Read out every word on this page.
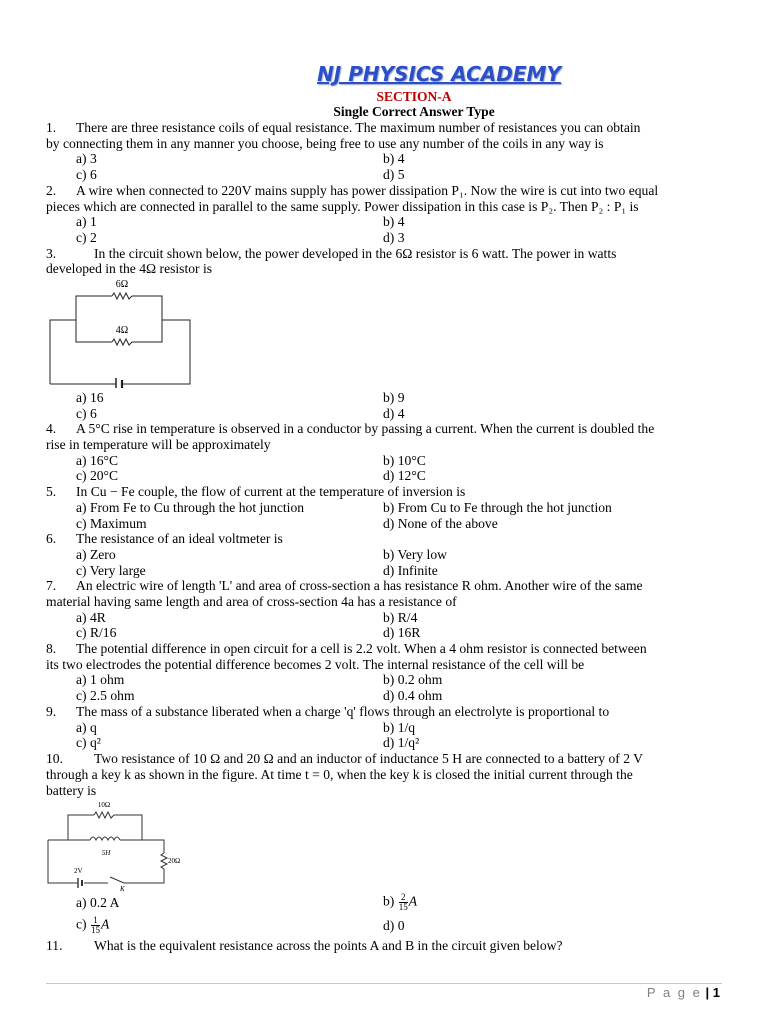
NJ PHYSICS ACADEMY
SECTION-A
Single Correct Answer Type
1. There are three resistance coils of equal resistance. The maximum number of resistances you can obtain
by connecting them in any manner you choose, being free to use any number of the coils in any way is
a) 3	b) 4
c) 6	d) 5
2. A wire when connected to 220V mains supply has power dissipation P₁. Now the wire is cut into two equal
pieces which are connected in parallel to the same supply. Power dissipation in this case is P₂. Then P₂ : P₁ is
a) 1	b) 4
c) 2	d) 3
3.	In the circuit shown below, the power developed in the 6Ω resistor is 6 watt. The power in watts
developed in the 4Ω resistor is
6Ω
4Ω
a) 16	b) 9
c) 6	d) 4
4. A 5°C rise in temperature is observed in a conductor by passing a current. When the current is doubled the
rise in temperature will be approximately
a) 16°C	b) 10°C
c) 20°C	d) 12°C
5. In Cu − Fe couple, the flow of current at the temperature of inversion is
a) From Fe to Cu through the hot junction	b) From Cu to Fe through the hot junction
c) Maximum	d) None of the above
6. The resistance of an ideal voltmeter is
a) Zero	b) Very low
c) Very large	d) Infinite
7. An electric wire of length 'L' and area of cross-section a has resistance R ohm. Another wire of the same
material having same length and area of cross-section 4a has a resistance of
a) 4R	b) R/4
c) R/16	d) 16R
8. The potential difference in open circuit for a cell is 2.2 volt. When a 4 ohm resistor is connected between
its two electrodes the potential difference becomes 2 volt. The internal resistance of the cell will be
a) 1 ohm	b) 0.2 ohm
c) 2.5 ohm	d) 0.4 ohm
9. The mass of a substance liberated when a charge 'q' flows through an electrolyte is proportional to
a) q	b) 1/q
c) q²	d) 1/q²
10. Two resistance of 10 Ω and 20 Ω and an inductor of inductance 5 H are connected to a battery of 2 V
through a key k as shown in the figure. At time t = 0, when the key k is closed the initial current through the
battery is
10Ω
5H
20Ω
2V
K
a) 0.2 A	$b) \frac{2}{15}$ A
$c) \frac{1}{15}$ A	d) 0
11. What is the equivalent resistance across the points A and B in the circuit given below?
P a g e | 1
